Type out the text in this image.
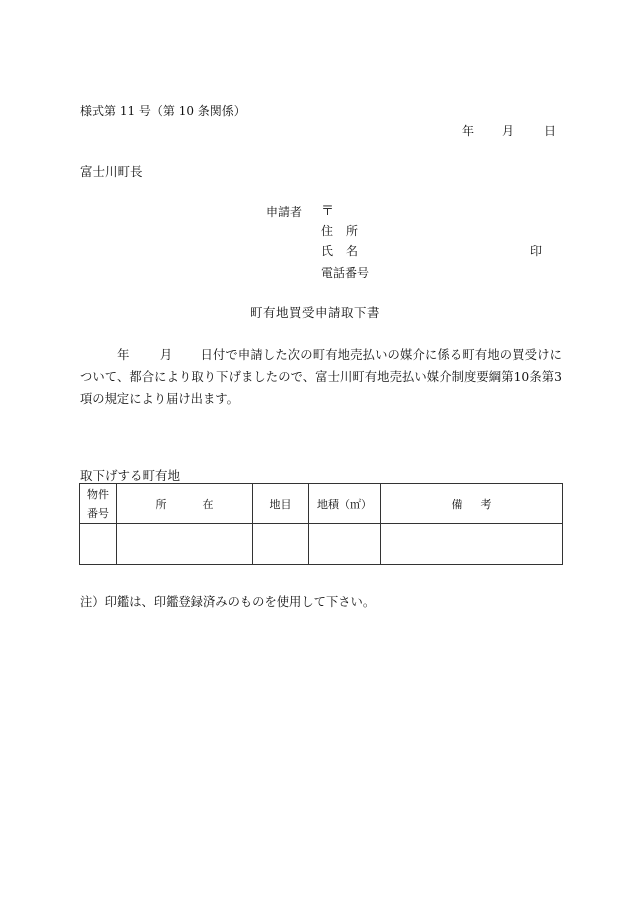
様式第 11 号（第 10 条関係）
年 月	日
富士川町長
申請者 〒
住所
氏名	印
電話番号
町有地買受申請取下書
年 月 日付で申請した次の町有地売払いの媒介に係る町有地の買受けについて、都合により取り下げましたので、富士川町有地売払い媒介制度要綱第10条第3項の規定により届け出ます。
取下げする町有地
物件
番号	所 在	地目	地積（㎡）	備 考

注）印鑑は、印鑑登録済みのものを使用して下さい。
